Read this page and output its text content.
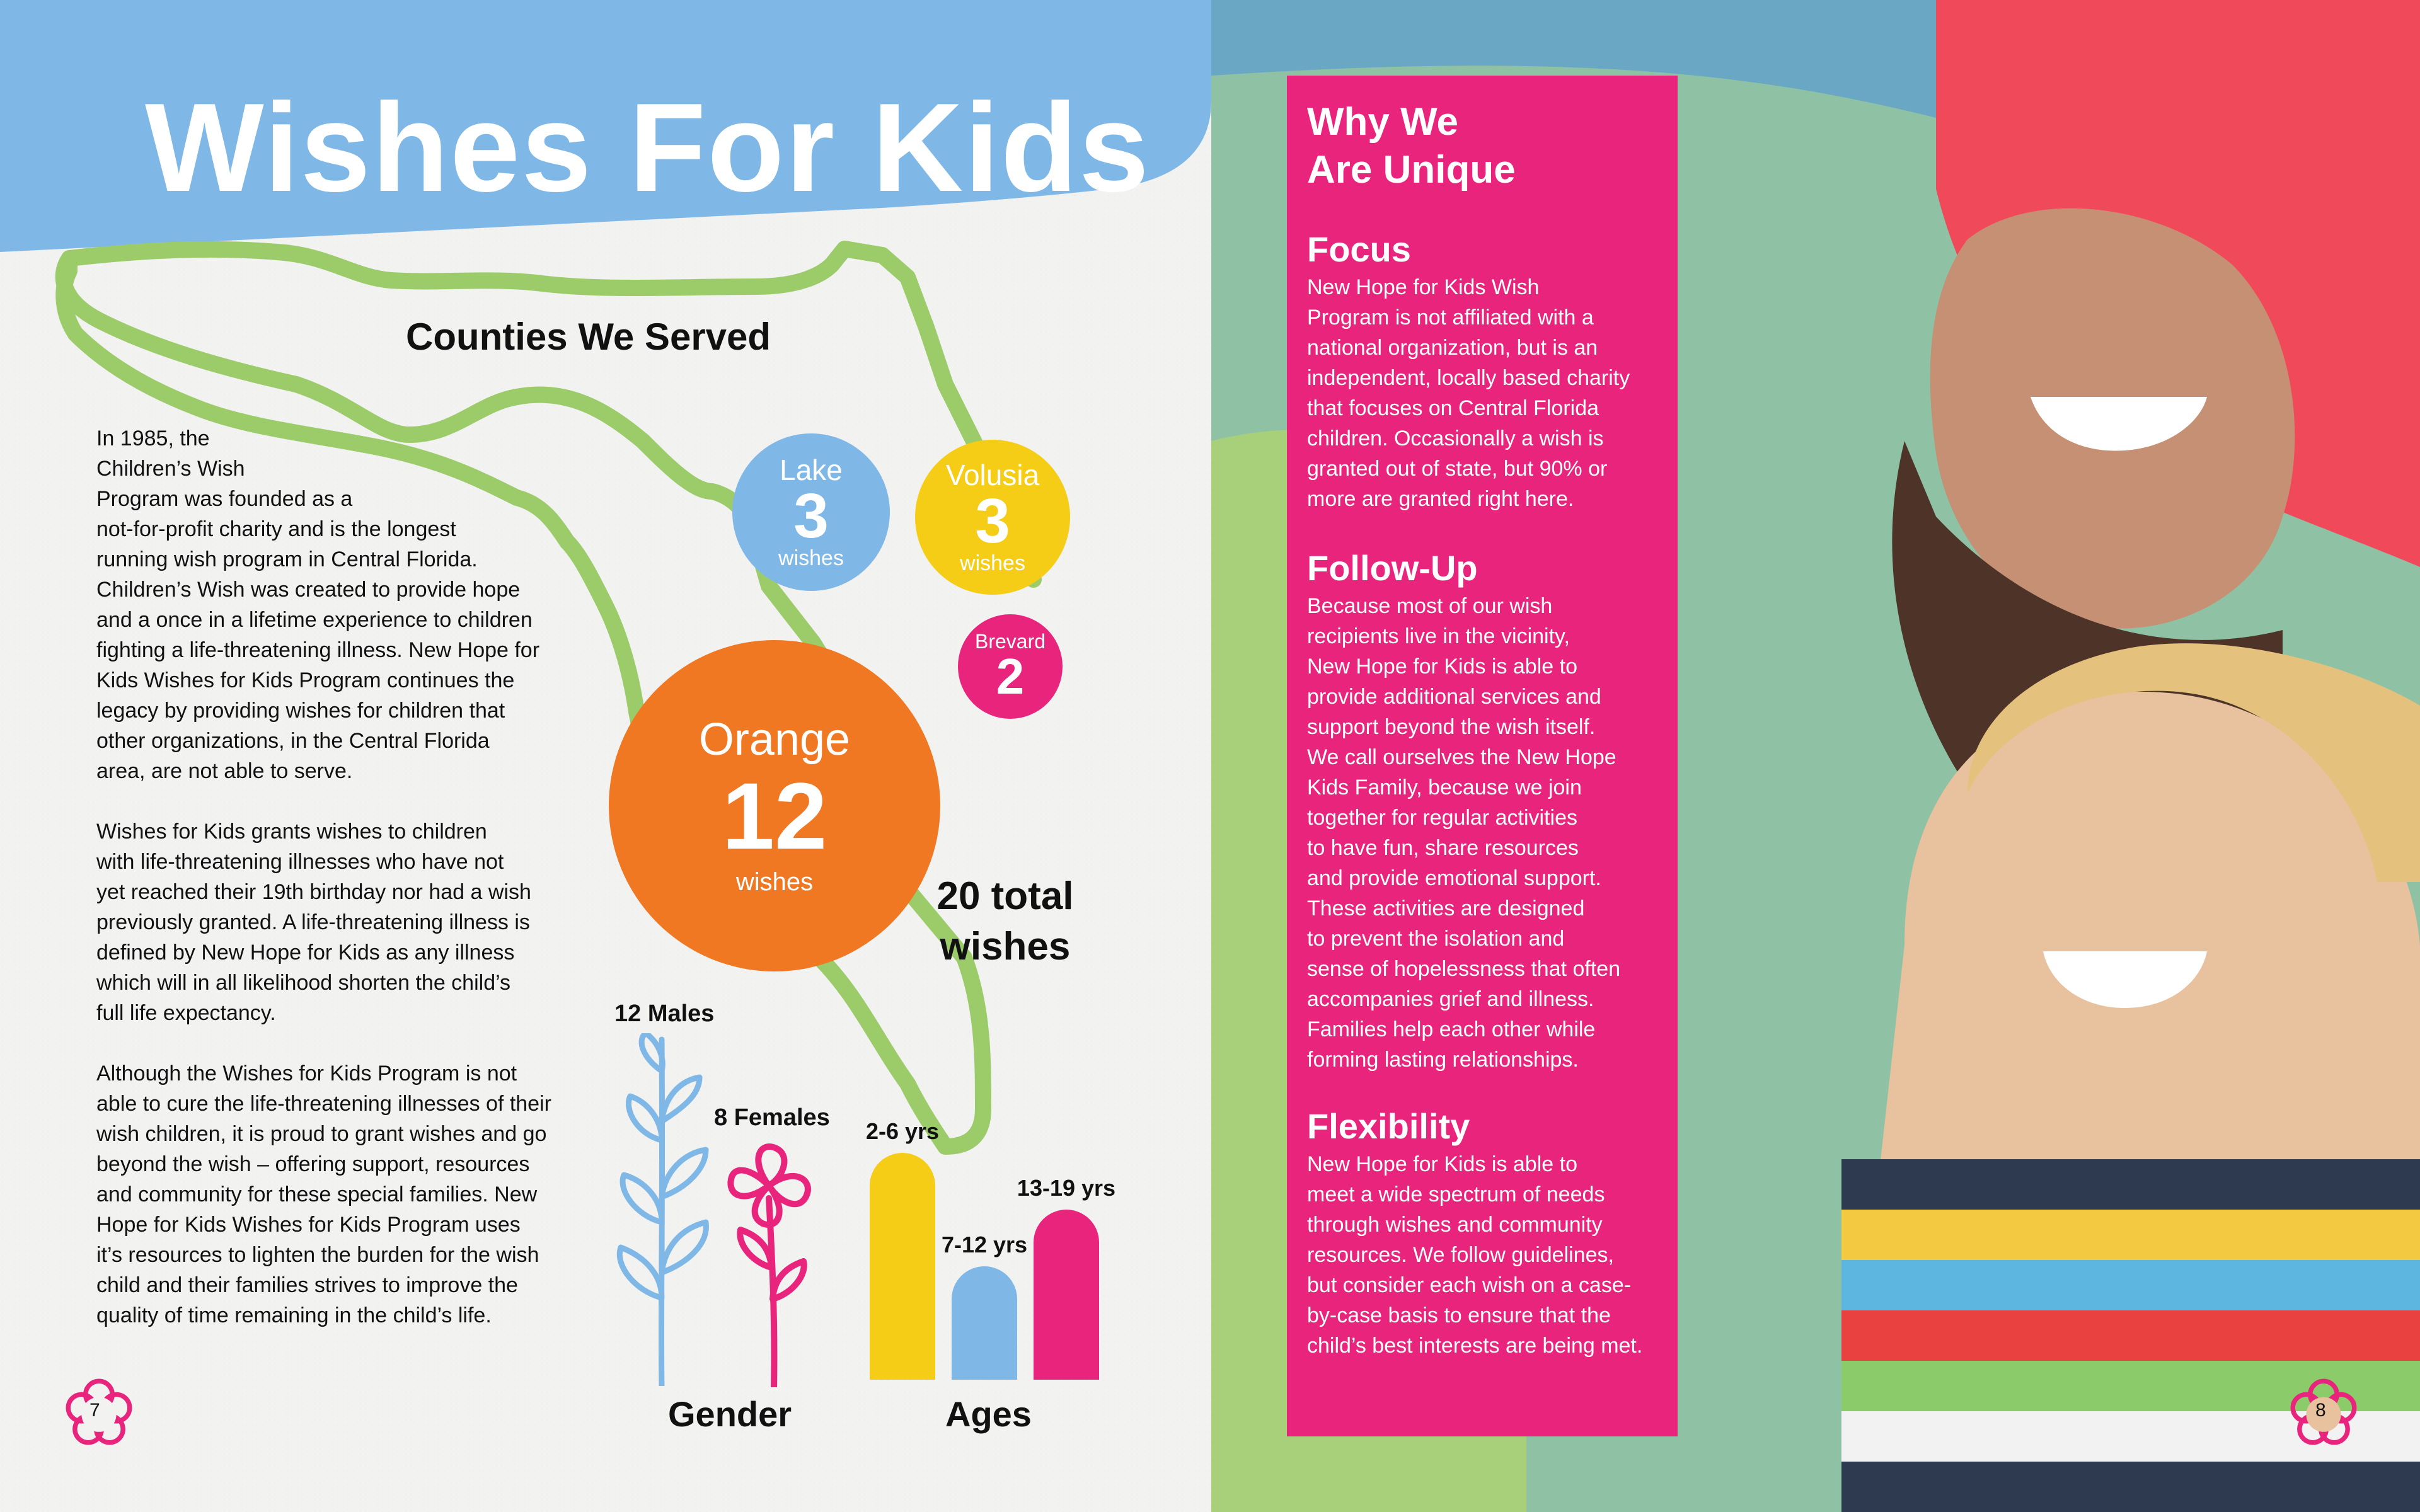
Wishes For Kids
Counties We Served

In 1985, the
Children’s Wish
Program was founded as a
not-for-profit charity and is the longest
running wish program in Central Florida.
Children’s Wish was created to provide hope
and a once in a lifetime experience to children
fighting a life-threatening illness. New Hope for
Kids Wishes for Kids Program continues the
legacy by providing wishes for children that
other organizations, in the Central Florida
area, are not able to serve.

Wishes for Kids grants wishes to children
with life-threatening illnesses who have not
yet reached their 19th birthday nor had a wish
previously granted. A life-threatening illness is
defined by New Hope for Kids as any illness
which will in all likelihood shorten the child’s
full life expectancy.

Although the Wishes for Kids Program is not
able to cure the life-threatening illnesses of their
wish children, it is proud to grant wishes and go
beyond the wish – offering support, resources
and community for these special families. New
Hope for Kids Wishes for Kids Program uses
it’s resources to lighten the burden for the wish
child and their families strives to improve the
quality of time remaining in the child’s life.

Lake
3
wishes
Volusia
3
wishes
Brevard
2
Orange
12
wishes	20 total
wishes
12 Males
8 Females
Gender
2-6 yrs
7-12 yrs
13-19 yrs
Ages
7
Why We
Are Unique
Focus

New Hope for Kids Wish
Program is not affiliated with a
national organization, but is an
independent, locally based charity
that focuses on Central Florida
children. Occasionally a wish is
granted out of state, but 90% or
more are granted right here.

Follow-Up

Because most of our wish
recipients live in the vicinity,
New Hope for Kids is able to
provide additional services and
support beyond the wish itself.
We call ourselves the New Hope
Kids Family, because we join
together for regular activities
to have fun, share resources
and provide emotional support.
These activities are designed
to prevent the isolation and
sense of hopelessness that often
accompanies grief and illness.
Families help each other while
forming lasting relationships.

Flexibility

New Hope for Kids is able to
meet a wide spectrum of needs
through wishes and community
resources. We follow guidelines,
but consider each wish on a case-
by-case basis to ensure that the
child’s best interests are being met.

8
